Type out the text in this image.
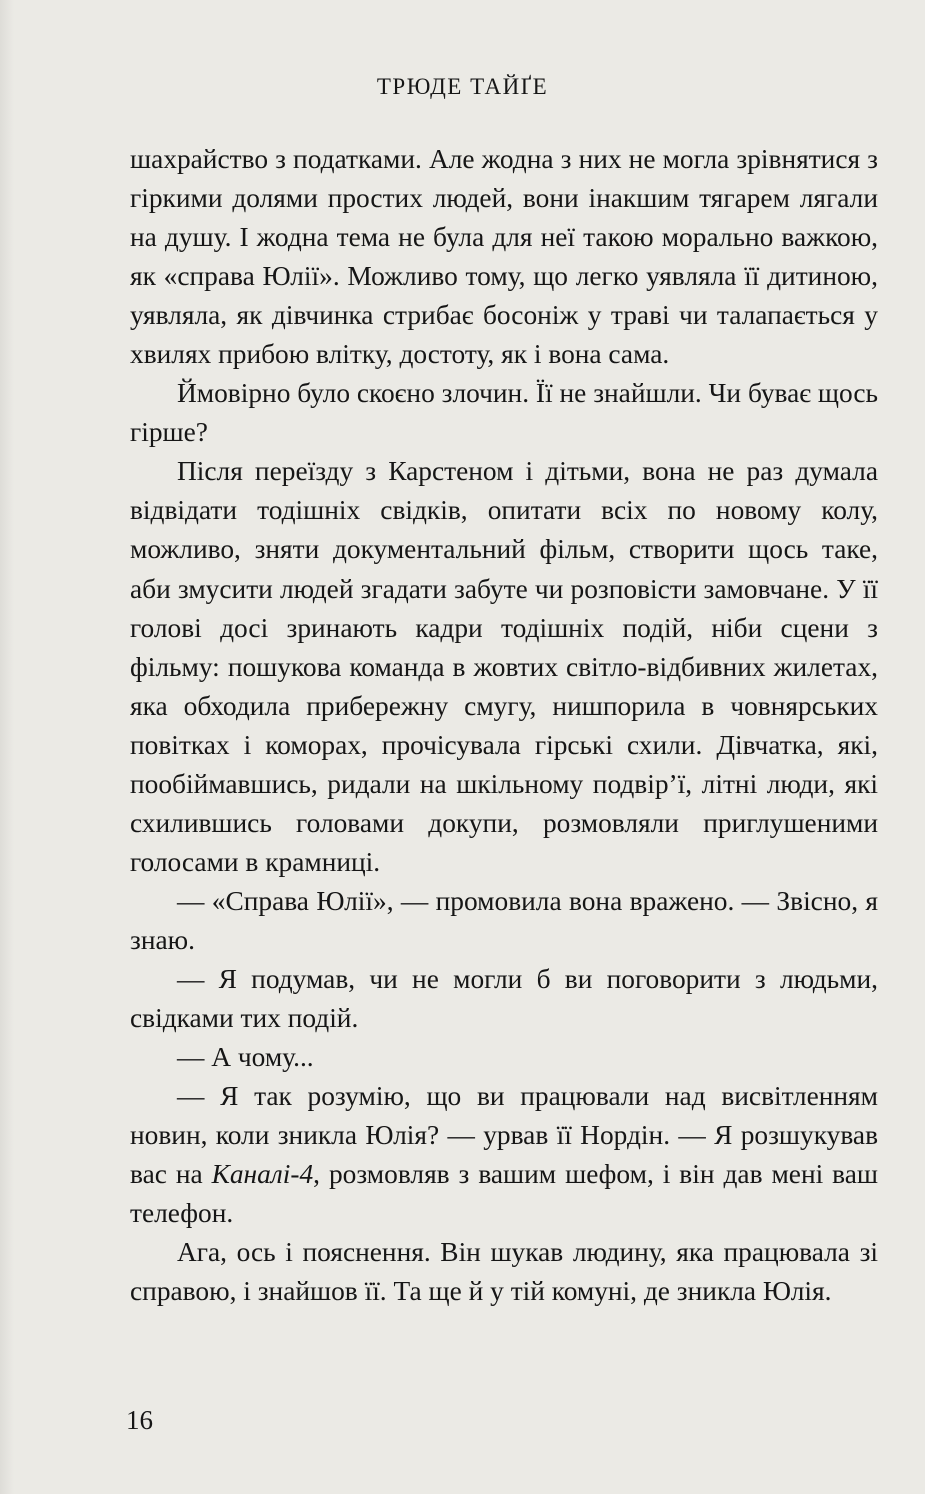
ТРЮДЕ ТАЙҐЕ

шахрайство з податками. Але жодна з них не могла зрівнятися з гіркими долями простих людей, вони інакшим тягарем лягали на душу. І жодна тема не була для неї такою морально важкою, як «справа Юлії». Можливо тому, що легко уявляла її дитиною, уявляла, як дівчинка стрибає босоніж у траві чи талапається у хвилях прибою влітку, достоту, як і вона сама.

Ймовірно було скоєно злочин. Її не знайшли. Чи буває щось гірше?

Після переїзду з Карстеном і дітьми, вона не раз думала відвідати тодішніх свідків, опитати всіх по новому колу, можливо, зняти документальний фільм, створити щось таке, аби змусити людей згадати забуте чи розповісти замовчане. У її голові досі зринають кадри тодішніх подій, ніби сцени з фільму: пошукова команда в жовтих світло-відбивних жилетах, яка обходила прибережну смугу, нишпорила в човнярських повітках і коморах, прочісувала гірські схили. Дівчатка, які, пообіймавшись, ридали на шкільному подвір’ї, літні люди, які схилившись головами докупи, розмовляли приглушеними голосами в крамниці.

— «Справа Юлії», — промовила вона вражено. — Звісно, я знаю.

— Я подумав, чи не могли б ви поговорити з людьми, свідками тих подій.

— А чому...

— Я так розумію, що ви працювали над висвітленням новин, коли зникла Юлія? — урвав її Нордін. — Я розшукував вас на Каналі-4, розмовляв з вашим шефом, і він дав мені ваш телефон.

Ага, ось і пояснення. Він шукав людину, яка працювала зі справою, і знайшов її. Та ще й у тій комуні, де зникла Юлія.

16
